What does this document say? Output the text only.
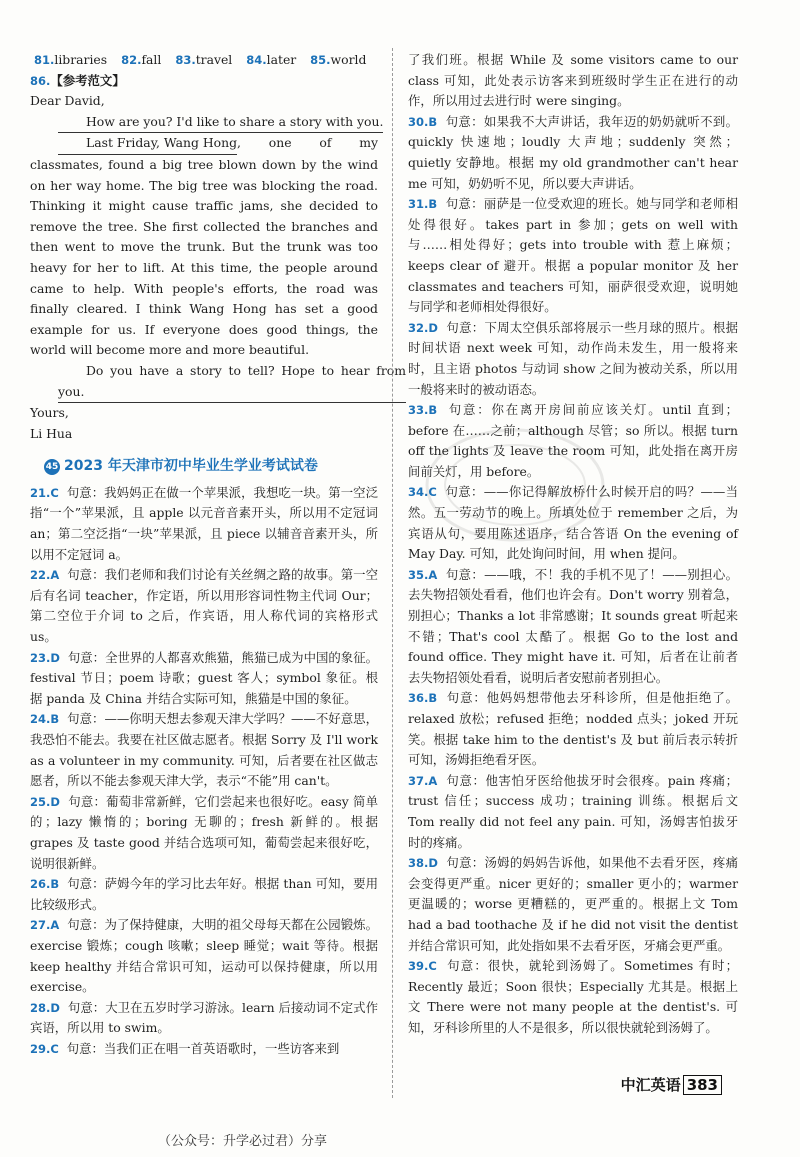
81.libraries 82.fall 83.travel 84.later 85.world

86.【参考范文】

Dear David,

How are you? I'd like to share a story with you.

Last Friday, Wang Hong, one of my classmates, found a big tree blown down by the wind on her way home. The big tree was blocking the road. Thinking it might cause traffic jams, she decided to remove the tree. She first collected the branches and then went to move the trunk. But the trunk was too heavy for her to lift. At this time, the people around came to help. With people's efforts, the road was finally cleared. I think Wang Hong has set a good example for us. If everyone does good things, the world will become more and more beautiful.

Do you have a story to tell? Hope to hear from you.

Yours,

Li Hua

45 2023 年天津市初中毕业生学业考试试卷

21.C 句意：我妈妈正在做一个苹果派，我想吃一块。第一空泛指“一个”苹果派，且 apple 以元音音素开头，所以用不定冠词 an；第二空泛指“一块”苹果派，且 piece 以辅音音素开头，所以用不定冠词 a。

22.A 句意：我们老师和我们讨论有关丝绸之路的故事。第一空后有名词 teacher，作定语，所以用形容词性物主代词 Our；第二空位于介词 to 之后，作宾语，用人称代词的宾格形式 us。

23.D 句意：全世界的人都喜欢熊猫，熊猫已成为中国的象征。festival 节日；poem 诗歌；guest 客人；symbol 象征。根据 panda 及 China 并结合实际可知，熊猫是中国的象征。

24.B 句意：——你明天想去参观天津大学吗？——不好意思，我恐怕不能去。我要在社区做志愿者。根据 Sorry 及 I'll work as a volunteer in my community. 可知，后者要在社区做志愿者，所以不能去参观天津大学，表示“不能”用 can't。

25.D 句意：葡萄非常新鲜，它们尝起来也很好吃。easy 简单的；lazy 懒惰的；boring 无聊的；fresh 新鲜的。根据 grapes 及 taste good 并结合选项可知，葡萄尝起来很好吃，说明很新鲜。

26.B 句意：萨姆今年的学习比去年好。根据 than 可知，要用比较级形式。

27.A 句意：为了保持健康，大明的祖父母每天都在公园锻炼。exercise 锻炼；cough 咳嗽；sleep 睡觉；wait 等待。根据 keep healthy 并结合常识可知，运动可以保持健康，所以用 exercise。

28.D 句意：大卫在五岁时学习游泳。learn 后接动词不定式作宾语，所以用 to swim。

29.C 句意：当我们正在唱一首英语歌时，一些访客来到

了我们班。根据 While 及 some visitors came to our class 可知，此处表示访客来到班级时学生正在进行的动作，所以用过去进行时 were singing。

30.B 句意：如果我不大声讲话，我年迈的奶奶就听不到。quickly 快速地；loudly 大声地；suddenly 突然；quietly 安静地。根据 my old grandmother can't hear me 可知，奶奶听不见，所以要大声讲话。

31.B 句意：丽萨是一位受欢迎的班长。她与同学和老师相处得很好。takes part in 参加；gets on well with 与……相处得好；gets into trouble with 惹上麻烦；keeps clear of 避开。根据 a popular monitor 及 her classmates and teachers 可知，丽萨很受欢迎，说明她与同学和老师相处得很好。

32.D 句意：下周太空俱乐部将展示一些月球的照片。根据时间状语 next week 可知，动作尚未发生，用一般将来时，且主语 photos 与动词 show 之间为被动关系，所以用一般将来时的被动语态。

33.B 句意：你在离开房间前应该关灯。until 直到；before 在……之前；although 尽管；so 所以。根据 turn off the lights 及 leave the room 可知，此处指在离开房间前关灯，用 before。

34.C 句意：——你记得解放桥什么时候开启的吗？——当然。五一劳动节的晚上。所填处位于 remember 之后，为宾语从句，要用陈述语序，结合答语 On the evening of May Day. 可知，此处询问时间，用 when 提问。

35.A 句意：——哦，不！我的手机不见了！——别担心。去失物招领处看看，他们也许会有。Don't worry 别着急，别担心；Thanks a lot 非常感谢；It sounds great 听起来不错；That's cool 太酷了。根据 Go to the lost and found office. They might have it. 可知，后者在让前者去失物招领处看看，说明后者安慰前者别担心。

36.B 句意：他妈妈想带他去牙科诊所，但是他拒绝了。relaxed 放松；refused 拒绝；nodded 点头；joked 开玩笑。根据 take him to the dentist's 及 but 前后表示转折可知，汤姆拒绝看牙医。

37.A 句意：他害怕牙医给他拔牙时会很疼。pain 疼痛；trust 信任；success 成功；training 训练。根据后文 Tom really did not feel any pain. 可知，汤姆害怕拔牙时的疼痛。

38.D 句意：汤姆的妈妈告诉他，如果他不去看牙医，疼痛会变得更严重。nicer 更好的；smaller 更小的；warmer 更温暖的；worse 更糟糕的，更严重的。根据上文 Tom had a bad toothache 及 if he did not visit the dentist 并结合常识可知，此处指如果不去看牙医，牙痛会更严重。

39.C 句意：很快，就轮到汤姆了。Sometimes 有时；Recently 最近；Soon 很快；Especially 尤其是。根据上文 There were not many people at the dentist's. 可知，牙科诊所里的人不是很多，所以很快就轮到汤姆了。

中汇英语 383
（公众号：升学必过君）分享
